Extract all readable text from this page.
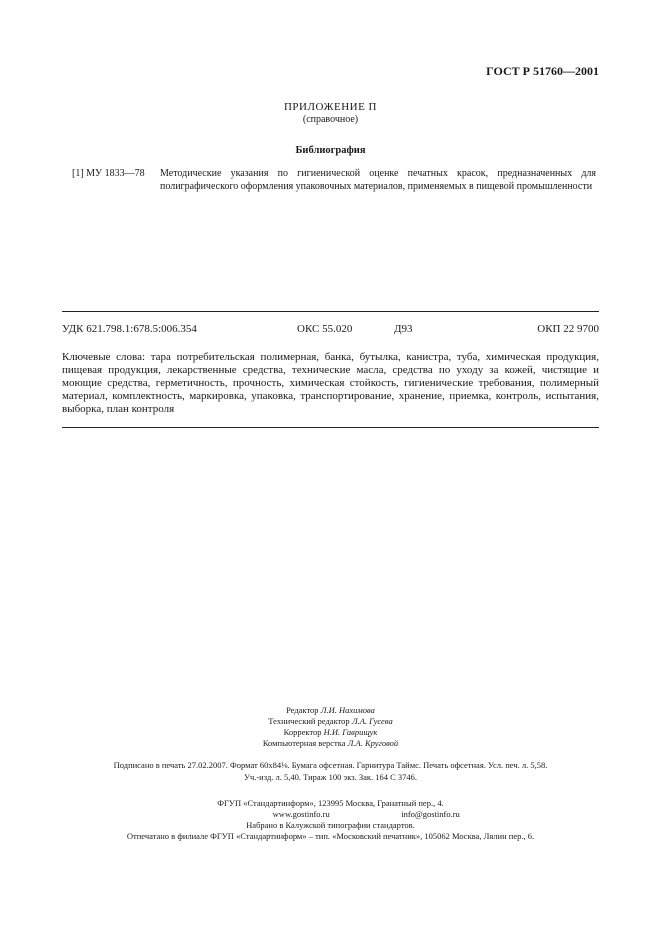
ГОСТ Р 51760—2001
ПРИЛОЖЕНИЕ П
(справочное)
Библиография
[1] МУ 1833—78 Методические указания по гигиенической оценке печатных красок, предназначенных для полиграфического оформления упаковочных материалов, применяемых в пищевой промышленности
УДК 621.798.1:678.5:006.354	ОКС 55.020	Д93	ОКП 22 9700
Ключевые слова: тара потребительская полимерная, банка, бутылка, канистра, туба, химическая продукция, пищевая продукция, лекарственные средства, технические масла, средства по уходу за кожей, чистящие и моющие средства, герметичность, прочность, химическая стойкость, гигиенические требования, полимерный материал, комплектность, маркировка, упаковка, транспортирование, хранение, приемка, контроль, испытания, выборка, план контроля
Редактор Л.И. Нахимова
Технический редактор Л.А. Гусева
Корректор Н.И. Гаврищук
Компьютерная верстка Л.А. Круговой
Подписано в печать 27.02.2007. Формат 60x84⅛. Бумага офсетная. Гарнитура Таймс. Печать офсетная. Усл. печ. л. 5,58.
Уч.-изд. л. 5,40. Тираж 100 экз. Зак. 164 С 3746.
ФГУП «Стандартинформ», 123995 Москва, Гранатный пер., 4.
www.gostinfo.ru	info@gostinfo.ru
Набрано в Калужской типографии стандартов.
Отпечатано в филиале ФГУП «Стандартинформ» – тип. «Московский печатник», 105062 Москва, Лялин пер., 6.
